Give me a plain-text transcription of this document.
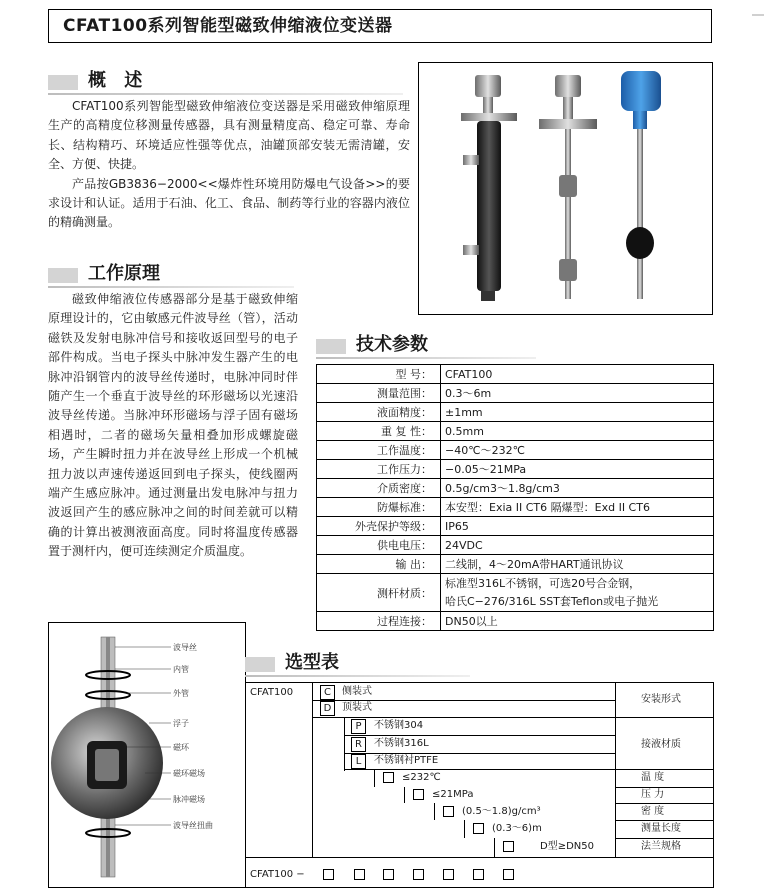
CFAT100系列智能型磁致伸缩液位变送器
概 述

CFAT100系列智能型磁致伸缩液位变送器是采用磁致伸缩原理生产的高精度位移测量传感器，具有测量精度高、稳定可靠、寿命长、结构精巧、环境适应性强等优点，油罐顶部安装无需清罐，安全、方便、快捷。

产品按GB3836−2000<<爆炸性环境用防爆电气设备>>的要求设计和认证。适用于石油、化工、食品、制药等行业的容器内液位的精确测量。

工作原理

磁致伸缩液位传感器部分是基于磁致伸缩原理设计的，它由敏感元件波导丝（管），活动磁铁及发射电脉冲信号和接收返回型号的电子部件构成。当电子探头中脉冲发生器产生的电脉冲沿钢管内的波导丝传递时，电脉冲同时伴随产生一个垂直于波导丝的环形磁场以光速沿波导丝传递。当脉冲环形磁场与浮子固有磁场相遇时，二者的磁场矢量相叠加形成螺旋磁场，产生瞬时扭力并在波导丝上形成一个机械扭力波以声速传递返回到电子探头，使线圈两端产生感应脉冲。通过测量出发电脉冲与扭力波返回产生的感应脉冲之间的时间差就可以精确的计算出被测液面高度。同时将温度传感器置于测杆内，便可连续测定介质温度。

技术参数
型 号：	CFAT100
测量范围：	0.3～6m
液面精度：	±1mm
重 复 性：	0.5mm
工作温度：	−40℃～232℃
工作压力：	−0.05～21MPa
介质密度：	0.5g/cm3～1.8g/cm3
防爆标准：	本安型：Exia II CT6 隔爆型：Exd II CT6
外壳保护等级：	IP65
供电电压：	24VDC
输 出：	二线制，4～20mA带HART通讯协议
测杆材质：	标准型316L不锈钢，可选20号合金钢，
哈氏C−276/316L SST套Teflon或电子抛光

过程连接：	DN50以上
波导丝
内管
外管
浮子
磁环
磁环磁场
脉冲磁场
波导丝扭曲
选型表
CFAT100	C	侧装式
D	顶装式
安装形式
P	不锈钢304
R	不锈钢316L
L	不锈钢衬PTFE
接液材质
≤232℃	温 度
≤21MPa	压 力
(0.5～1.8)g/cm³	密 度
(0.3～6)m	测量长度
D型≥DN50	法兰规格
CFAT100 −
